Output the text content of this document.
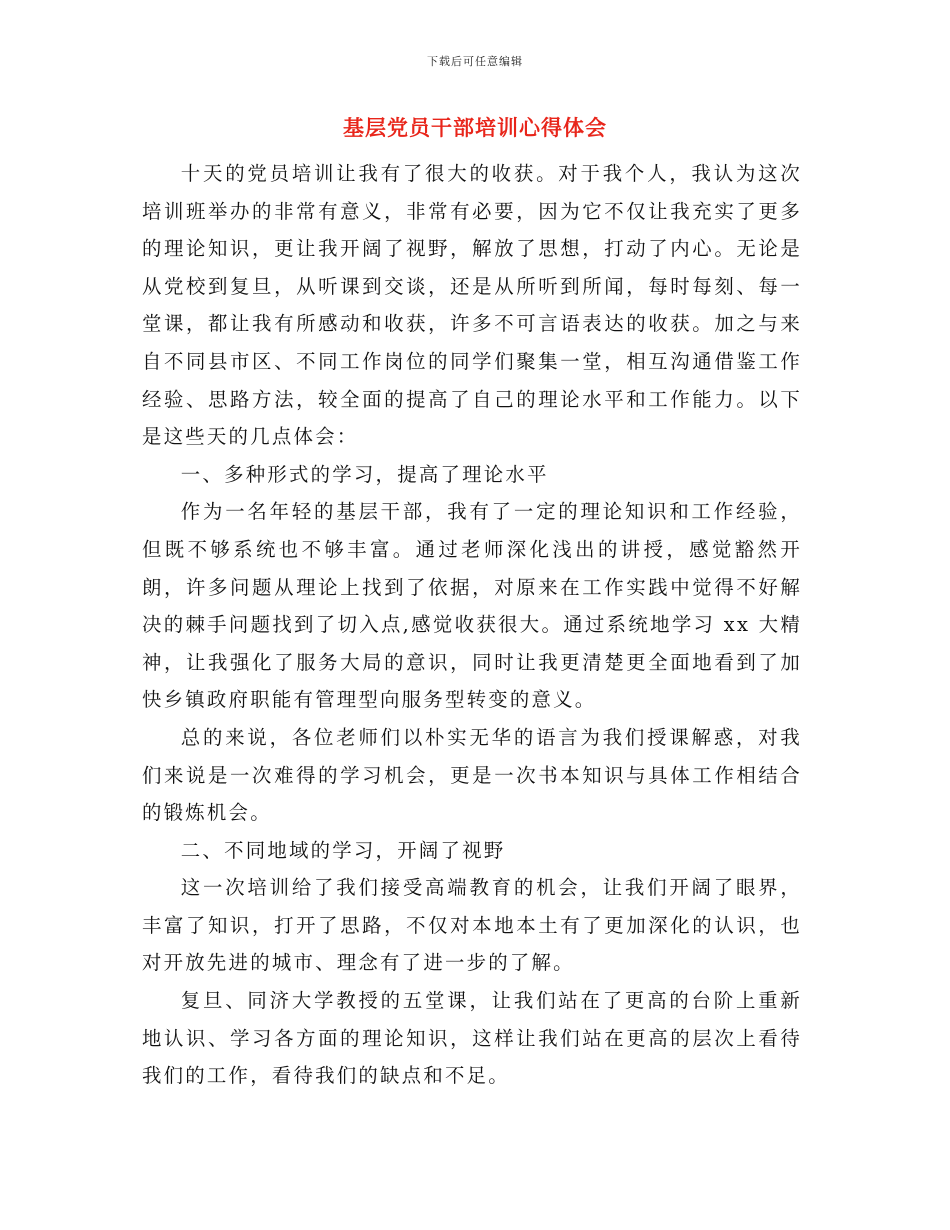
下载后可任意编辑
基层党员干部培训心得体会

十天的党员培训让我有了很大的收获。对于我个人，我认为这次培训班举办的非常有意义，非常有必要，因为它不仅让我充实了更多的理论知识，更让我开阔了视野，解放了思想，打动了内心。无论是从党校到复旦，从听课到交谈，还是从所听到所闻，每时每刻、每一堂课，都让我有所感动和收获，许多不可言语表达的收获。加之与来自不同县市区、不同工作岗位的同学们聚集一堂，相互沟通借鉴工作经验、思路方法，较全面的提高了自己的理论水平和工作能力。以下是这些天的几点体会：

一、多种形式的学习，提高了理论水平

作为一名年轻的基层干部，我有了一定的理论知识和工作经验，但既不够系统也不够丰富。通过老师深化浅出的讲授，感觉豁然开朗，许多问题从理论上找到了依据，对原来在工作实践中觉得不好解决的棘手问题找到了切入点,感觉收获很大。通过系统地学习 xx 大精神，让我强化了服务大局的意识，同时让我更清楚更全面地看到了加快乡镇政府职能有管理型向服务型转变的意义。

总的来说，各位老师们以朴实无华的语言为我们授课解惑，对我们来说是一次难得的学习机会，更是一次书本知识与具体工作相结合的锻炼机会。

二、不同地域的学习，开阔了视野

这一次培训给了我们接受高端教育的机会，让我们开阔了眼界，丰富了知识，打开了思路，不仅对本地本土有了更加深化的认识，也对开放先进的城市、理念有了进一步的了解。

复旦、同济大学教授的五堂课，让我们站在了更高的台阶上重新地认识、学习各方面的理论知识，这样让我们站在更高的层次上看待我们的工作，看待我们的缺点和不足。
